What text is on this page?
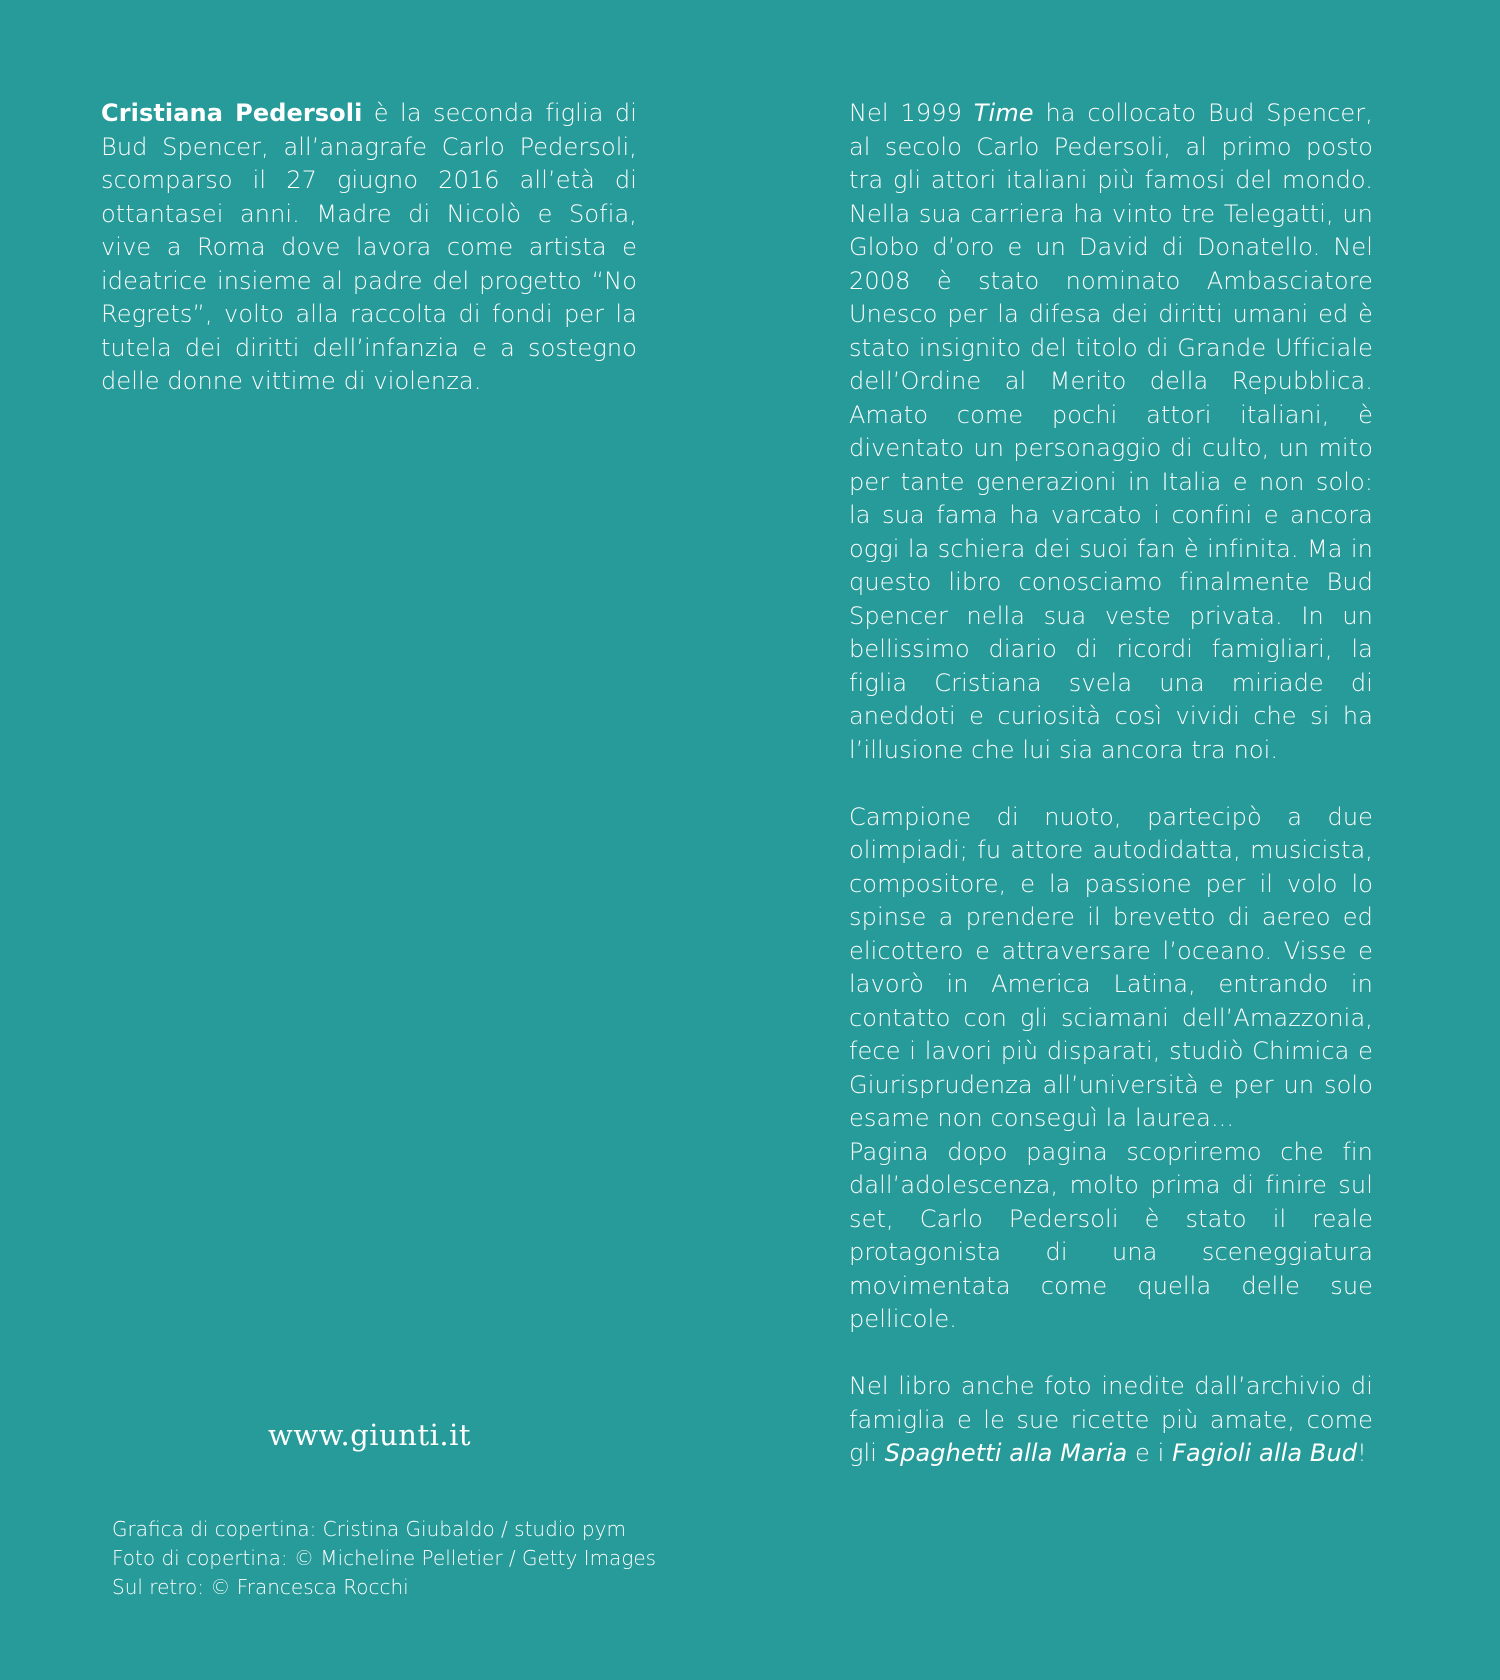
Cristiana Pedersoli è la seconda figlia di Bud Spencer, all’anagrafe Carlo Pedersoli, scomparso il 27 giugno 2016 all’età di ottantasei anni. Madre di Nicolò e Sofia, vive a Roma dove lavora come artista e ideatrice insieme al padre del progetto “No Regrets”, volto alla raccolta di fondi per la tutela dei diritti dell’infanzia e a sostegno delle donne vittime di violenza.

Nel 1999 Time ha collocato Bud Spencer, al secolo Carlo Pedersoli, al primo posto tra gli attori italiani più famosi del mondo. Nella sua carriera ha vinto tre Telegatti, un Globo d’oro e un David di Donatello. Nel 2008 è stato nominato Ambasciatore Unesco per la difesa dei diritti umani ed è stato insignito del titolo di Grande Ufficiale dell’Ordine al Merito della Repubblica. Amato come pochi attori italiani, è diventato un personaggio di culto, un mito per tante generazioni in Italia e non solo: la sua fama ha varcato i confini e ancora oggi la schiera dei suoi fan è infinita. Ma in questo libro conosciamo finalmente Bud Spencer nella sua veste privata. In un bellissimo diario di ricordi famigliari, la figlia Cristiana svela una miriade di aneddoti e curiosità così vividi che si ha l’illusione che lui sia ancora tra noi.

Campione di nuoto, partecipò a due olimpiadi; fu attore autodidatta, musicista, compositore, e la passione per il volo lo spinse a prendere il brevetto di aereo ed elicottero e attraversare l’oceano. Visse e lavorò in America Latina, entrando in contatto con gli sciamani dell’Amazzonia, fece i lavori più disparati, studiò Chimica e Giurisprudenza all’università e per un solo esame non conseguì la laurea...

Pagina dopo pagina scopriremo che fin dall’adolescenza, molto prima di finire sul set, Carlo Pedersoli è stato il reale protagonista di una sceneggiatura movimentata come quella delle sue pellicole.

Nel libro anche foto inedite dall’archivio di famiglia e le sue ricette più amate, come gli Spaghetti alla Maria e i Fagioli alla Bud!

www.giunti.it
Grafica di copertina: Cristina Giubaldo / studio pym
Foto di copertina: © Micheline Pelletier / Getty Images
Sul retro: © Francesca Rocchi
